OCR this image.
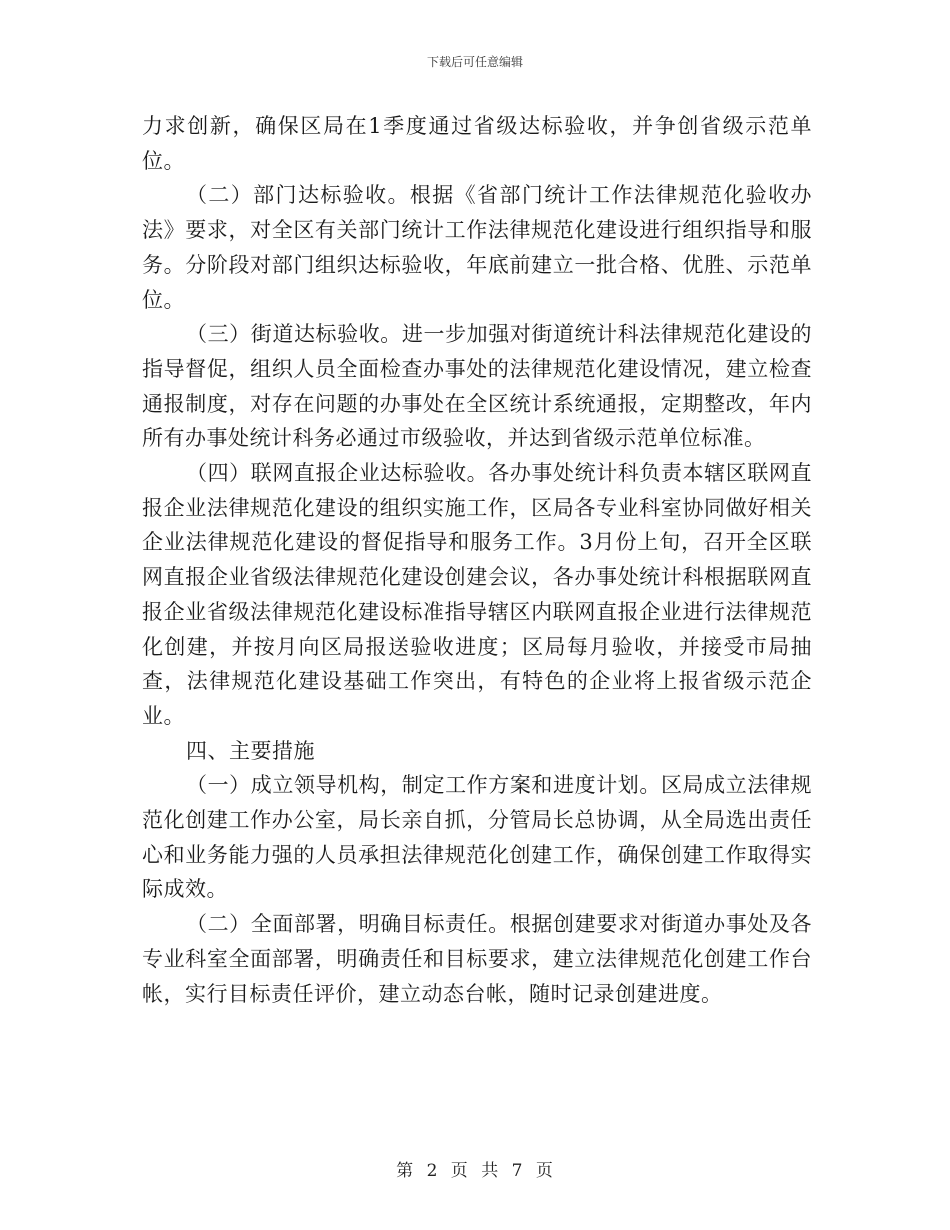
下载后可任意编辑

力求创新，确保区局在1季度通过省级达标验收，并争创省级示范单位。

（二）部门达标验收。根据《省部门统计工作法律规范化验收办法》要求，对全区有关部门统计工作法律规范化建设进行组织指导和服务。分阶段对部门组织达标验收，年底前建立一批合格、优胜、示范单位。

（三）街道达标验收。进一步加强对街道统计科法律规范化建设的指导督促，组织人员全面检查办事处的法律规范化建设情况，建立检查通报制度，对存在问题的办事处在全区统计系统通报，定期整改，年内所有办事处统计科务必通过市级验收，并达到省级示范单位标准。

（四）联网直报企业达标验收。各办事处统计科负责本辖区联网直报企业法律规范化建设的组织实施工作，区局各专业科室协同做好相关企业法律规范化建设的督促指导和服务工作。3月份上旬，召开全区联网直报企业省级法律规范化建设创建会议，各办事处统计科根据联网直报企业省级法律规范化建设标准指导辖区内联网直报企业进行法律规范化创建，并按月向区局报送验收进度；区局每月验收，并接受市局抽查，法律规范化建设基础工作突出，有特色的企业将上报省级示范企业。

四、主要措施

（一）成立领导机构，制定工作方案和进度计划。区局成立法律规范化创建工作办公室，局长亲自抓，分管局长总协调，从全局选出责任心和业务能力强的人员承担法律规范化创建工作，确保创建工作取得实际成效。

（二）全面部署，明确目标责任。根据创建要求对街道办事处及各专业科室全面部署，明确责任和目标要求，建立法律规范化创建工作台帐，实行目标责任评价，建立动态台帐，随时记录创建进度。

第 2 页 共 7 页
